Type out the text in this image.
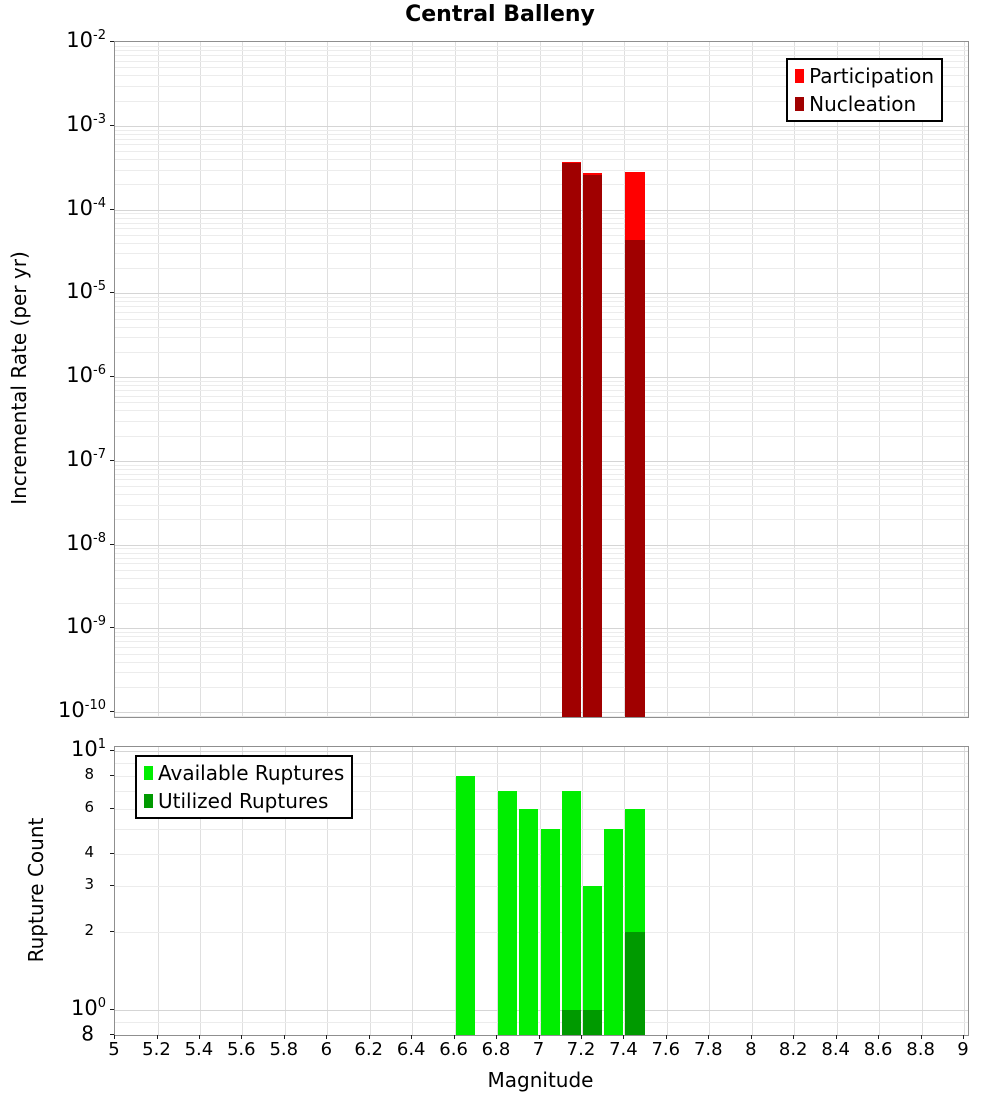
Central Balleny
Incremental Rate (per yr)
Rupture Count
Magnitude
$10^{-2}$
$10^{-3}$
$10^{-4}$
$10^{-5}$
$10^{-6}$
$10^{-7}$
$10^{-8}$
$10^{-9}$
$10^{-10}$
Participation
Nucleation
$10^1$
8
6
4
3
2
$10^0$
8
Available Ruptures
Utilized Ruptures
5 5.2 5.4 5.6 5.8 6 6.2 6.4 6.6 6.8 7 7.2 7.4 7.6 7.8 8 8.2 8.4 8.6 8.8 9
